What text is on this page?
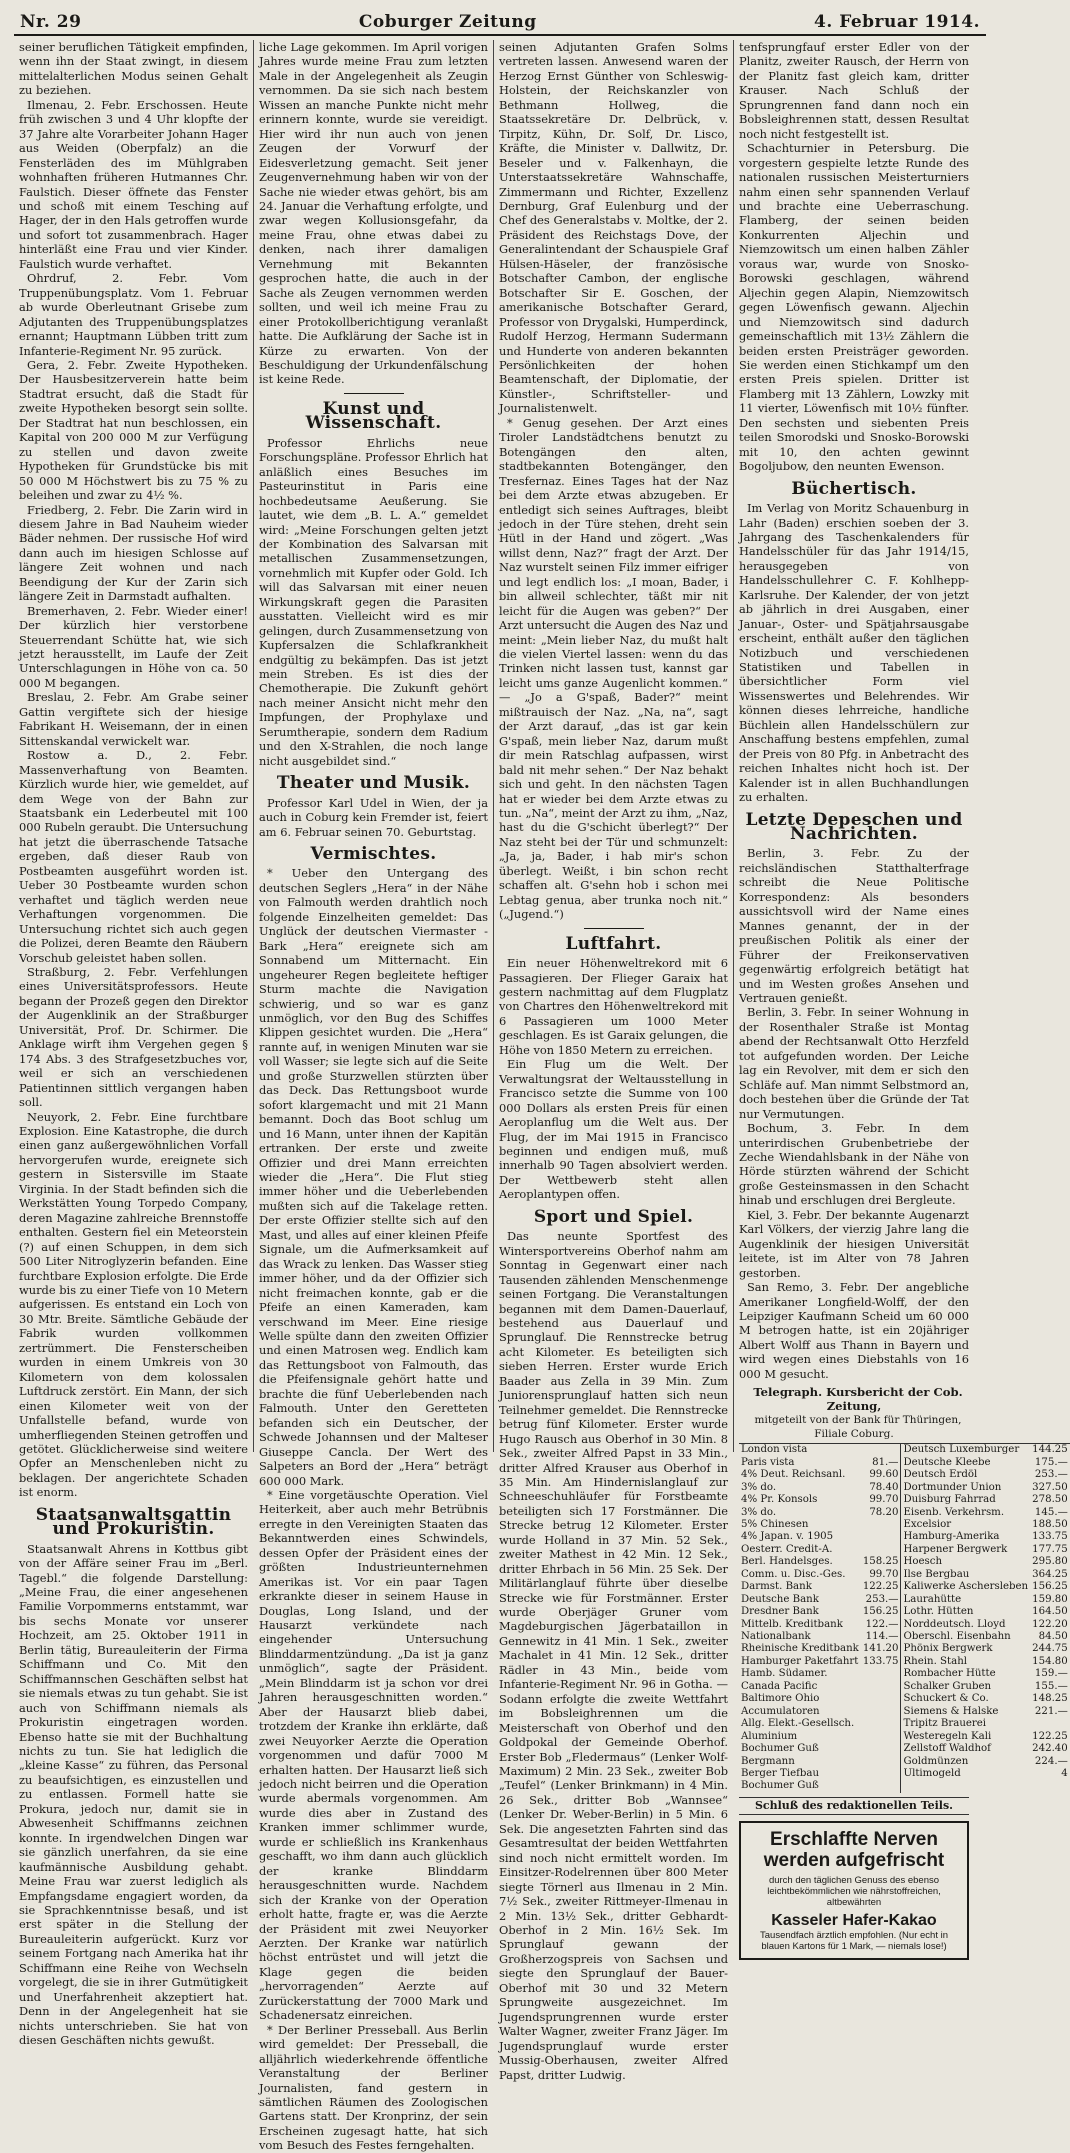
Nr. 29	Coburger Zeitung	4. Februar 1914.

seiner beruflichen Tätigkeit empfinden, wenn ihn der Staat zwingt, in diesem mittelalterlichen Modus seinen Gehalt zu beziehen.

Ilmenau, 2. Febr. Erschossen. Heute früh zwischen 3 und 4 Uhr klopfte der 37 Jahre alte Vorarbeiter Johann Hager aus Weiden (Oberpfalz) an die Fensterläden des im Mühlgraben wohnhaften früheren Hutmannes Chr. Faulstich. Dieser öffnete das Fenster und schoß mit einem Tesching auf Hager, der in den Hals getroffen wurde und sofort tot zusammenbrach. Hager hinterläßt eine Frau und vier Kinder. Faulstich wurde verhaftet.

Ohrdruf, 2. Febr. Vom Truppenübungsplatz. Vom 1. Februar ab wurde Oberleutnant Grisebe zum Adjutanten des Truppenübungsplatzes ernannt; Hauptmann Lübben tritt zum Infanterie-Regiment Nr. 95 zurück.

Gera, 2. Febr. Zweite Hypotheken. Der Hausbesitzerverein hatte beim Stadtrat ersucht, daß die Stadt für zweite Hypotheken besorgt sein sollte. Der Stadtrat hat nun beschlossen, ein Kapital von 200 000 M zur Verfügung zu stellen und davon zweite Hypotheken für Grundstücke bis mit 50 000 M Höchstwert bis zu 75 % zu beleihen und zwar zu 4½ %.

Friedberg, 2. Febr. Die Zarin wird in diesem Jahre in Bad Nauheim wieder Bäder nehmen. Der russische Hof wird dann auch im hiesigen Schlosse auf längere Zeit wohnen und nach Beendigung der Kur der Zarin sich längere Zeit in Darmstadt aufhalten.

Bremerhaven, 2. Febr. Wieder einer! Der kürzlich hier verstorbene Steuerrendant Schütte hat, wie sich jetzt herausstellt, im Laufe der Zeit Unterschlagungen in Höhe von ca. 50 000 M begangen.

Breslau, 2. Febr. Am Grabe seiner Gattin vergiftete sich der hiesige Fabrikant H. Weisemann, der in einen Sittenskandal verwickelt war.

Rostow a. D., 2. Febr. Massenverhaftung von Beamten. Kürzlich wurde hier, wie gemeldet, auf dem Wege von der Bahn zur Staatsbank ein Lederbeutel mit 100 000 Rubeln geraubt. Die Untersuchung hat jetzt die überraschende Tatsache ergeben, daß dieser Raub von Postbeamten ausgeführt worden ist. Ueber 30 Postbeamte wurden schon verhaftet und täglich werden neue Verhaftungen vorgenommen. Die Untersuchung richtet sich auch gegen die Polizei, deren Beamte den Räubern Vorschub geleistet haben sollen.

Straßburg, 2. Febr. Verfehlungen eines Universitätsprofessors. Heute begann der Prozeß gegen den Direktor der Augenklinik an der Straßburger Universität, Prof. Dr. Schirmer. Die Anklage wirft ihm Vergehen gegen § 174 Abs. 3 des Strafgesetzbuches vor, weil er sich an verschiedenen Patientinnen sittlich vergangen haben soll.

Neuyork, 2. Febr. Eine furchtbare Explosion. Eine Katastrophe, die durch einen ganz außergewöhnlichen Vorfall hervorgerufen wurde, ereignete sich gestern in Sistersville im Staate Virginia. In der Stadt befinden sich die Werkstätten Young Torpedo Company, deren Magazine zahlreiche Brennstoffe enthalten. Gestern fiel ein Meteorstein (?) auf einen Schuppen, in dem sich 500 Liter Nitroglyzerin befanden. Eine furchtbare Explosion erfolgte. Die Erde wurde bis zu einer Tiefe von 10 Metern aufgerissen. Es entstand ein Loch von 30 Mtr. Breite. Sämtliche Gebäude der Fabrik wurden vollkommen zertrümmert. Die Fensterscheiben wurden in einem Umkreis von 30 Kilometern von dem kolossalen Luftdruck zerstört. Ein Mann, der sich einen Kilometer weit von der Unfallstelle befand, wurde von umherfliegenden Steinen getroffen und getötet. Glücklicherweise sind weitere Opfer an Menschenleben nicht zu beklagen. Der angerichtete Schaden ist enorm.

Staatsanwaltsgattin und Prokuristin.

Staatsanwalt Ahrens in Kottbus gibt von der Affäre seiner Frau im „Berl. Tagebl.“ die folgende Darstellung: „Meine Frau, die einer angesehenen Familie Vorpommerns entstammt, war bis sechs Monate vor unserer Hochzeit, am 25. Oktober 1911 in Berlin tätig, Bureauleiterin der Firma Schiffmann und Co. Mit den Schiffmannschen Geschäften selbst hat sie niemals etwas zu tun gehabt. Sie ist auch von Schiffmann niemals als Prokuristin eingetragen worden. Ebenso hatte sie mit der Buchhaltung nichts zu tun. Sie hat lediglich die „kleine Kasse“ zu führen, das Personal zu beaufsichtigen, es einzustellen und zu entlassen. Formell hatte sie Prokura, jedoch nur, damit sie in Abwesenheit Schiffmanns zeichnen konnte. In irgendwelchen Dingen war sie gänzlich unerfahren, da sie eine kaufmännische Ausbildung gehabt. Meine Frau war zuerst lediglich als Empfangsdame engagiert worden, da sie Sprachkenntnisse besaß, und ist erst später in die Stellung der Bureauleiterin aufgerückt. Kurz vor seinem Fortgang nach Amerika hat ihr Schiffmann eine Reihe von Wechseln vorgelegt, die sie in ihrer Gutmütigkeit und Unerfahrenheit akzeptiert hat. Denn in der Angelegenheit hat sie nichts unterschrieben. Sie hat von diesen Geschäften nichts gewußt.

liche Lage gekommen. Im April vorigen Jahres wurde meine Frau zum letzten Male in der Angelegenheit als Zeugin vernommen. Da sie sich nach bestem Wissen an manche Punkte nicht mehr erinnern konnte, wurde sie vereidigt. Hier wird ihr nun auch von jenen Zeugen der Vorwurf der Eidesverletzung gemacht. Seit jener Zeugenvernehmung haben wir von der Sache nie wieder etwas gehört, bis am 24. Januar die Verhaftung erfolgte, und zwar wegen Kollusionsgefahr, da meine Frau, ohne etwas dabei zu denken, nach ihrer damaligen Vernehmung mit Bekannten gesprochen hatte, die auch in der Sache als Zeugen vernommen werden sollten, und weil ich meine Frau zu einer Protokollberichtigung veranlaßt hatte. Die Aufklärung der Sache ist in Kürze zu erwarten. Von der Beschuldigung der Urkundenfälschung ist keine Rede.

Kunst und Wissenschaft.

Professor Ehrlichs neue Forschungspläne. Professor Ehrlich hat anläßlich eines Besuches im Pasteurinstitut in Paris eine hochbedeutsame Aeußerung. Sie lautet, wie dem „B. L. A.“ gemeldet wird: „Meine Forschungen gelten jetzt der Kombination des Salvarsan mit metallischen Zusammensetzungen, vornehmlich mit Kupfer oder Gold. Ich will das Salvarsan mit einer neuen Wirkungskraft gegen die Parasiten ausstatten. Vielleicht wird es mir gelingen, durch Zusammensetzung von Kupfersalzen die Schlafkrankheit endgültig zu bekämpfen. Das ist jetzt mein Streben. Es ist dies der Chemotherapie. Die Zukunft gehört nach meiner Ansicht nicht mehr den Impfungen, der Prophylaxe und Serumtherapie, sondern dem Radium und den X-Strahlen, die noch lange nicht ausgebildet sind.“

Theater und Musik.

Professor Karl Udel in Wien, der ja auch in Coburg kein Fremder ist, feiert am 6. Februar seinen 70. Geburtstag.

Vermischtes.

* Ueber den Untergang des deutschen Seglers „Hera“ in der Nähe von Falmouth werden drahtlich noch folgende Einzelheiten gemeldet: Das Unglück der deutschen Viermaster - Bark „Hera“ ereignete sich am Sonnabend um Mitternacht. Ein ungeheurer Regen begleitete heftiger Sturm machte die Navigation schwierig, und so war es ganz unmöglich, vor den Bug des Schiffes Klippen gesichtet wurden. Die „Hera“ rannte auf, in wenigen Minuten war sie voll Wasser; sie legte sich auf die Seite und große Sturzwellen stürzten über das Deck. Das Rettungsboot wurde sofort klargemacht und mit 21 Mann bemannt. Doch das Boot schlug um und 16 Mann, unter ihnen der Kapitän ertranken. Der erste und zweite Offizier und drei Mann erreichten wieder die „Hera“. Die Flut stieg immer höher und die Ueberlebenden mußten sich auf die Takelage retten. Der erste Offizier stellte sich auf den Mast, und alles auf einer kleinen Pfeife Signale, um die Aufmerksamkeit auf das Wrack zu lenken. Das Wasser stieg immer höher, und da der Offizier sich nicht freimachen konnte, gab er die Pfeife an einen Kameraden, kam verschwand im Meer. Eine riesige Welle spülte dann den zweiten Offizier und einen Matrosen weg. Endlich kam das Rettungsboot von Falmouth, das die Pfeifensignale gehört hatte und brachte die fünf Ueberlebenden nach Falmouth. Unter den Geretteten befanden sich ein Deutscher, der Schwede Johannsen und der Malteser Giuseppe Cancla. Der Wert des Salpeters an Bord der „Hera“ beträgt 600 000 Mark.

* Eine vorgetäuschte Operation. Viel Heiterkeit, aber auch mehr Betrübnis erregte in den Vereinigten Staaten das Bekanntwerden eines Schwindels, dessen Opfer der Präsident eines der größten Industrieunternehmen Amerikas ist. Vor ein paar Tagen erkrankte dieser in seinem Hause in Douglas, Long Island, und der Hausarzt verkündete nach eingehender Untersuchung Blinddarmentzündung. „Da ist ja ganz unmöglich“, sagte der Präsident. „Mein Blinddarm ist ja schon vor drei Jahren herausgeschnitten worden.“ Aber der Hausarzt blieb dabei, trotzdem der Kranke ihn erklärte, daß zwei Neuyorker Aerzte die Operation vorgenommen und dafür 7000 M erhalten hatten. Der Hausarzt ließ sich jedoch nicht beirren und die Operation wurde abermals vorgenommen. Am wurde dies aber in Zustand des Kranken immer schlimmer wurde, wurde er schließlich ins Krankenhaus geschafft, wo ihm dann auch glücklich der kranke Blinddarm herausgeschnitten wurde. Nachdem sich der Kranke von der Operation erholt hatte, fragte er, was die Aerzte der Präsident mit zwei Neuyorker Aerzten. Der Kranke war natürlich höchst entrüstet und will jetzt die Klage gegen die beiden „hervorragenden“ Aerzte auf Zurückerstattung der 7000 Mark und Schadenersatz einreichen.

* Der Berliner Presseball. Aus Berlin wird gemeldet: Der Presseball, die alljährlich wiederkehrende öffentliche Veranstaltung der Berliner Journalisten, fand gestern in sämtlichen Räumen des Zoologischen Gartens statt. Der Kronprinz, der sein Erscheinen zugesagt hatte, hat sich vom Besuch des Festes ferngehalten.

seinen Adjutanten Grafen Solms vertreten lassen. Anwesend waren der Herzog Ernst Günther von Schleswig-Holstein, der Reichskanzler von Bethmann Hollweg, die Staatssekretäre Dr. Delbrück, v. Tirpitz, Kühn, Dr. Solf, Dr. Lisco, Kräfte, die Minister v. Dallwitz, Dr. Beseler und v. Falkenhayn, die Unterstaatssekretäre Wahnschaffe, Zimmermann und Richter, Exzellenz Dernburg, Graf Eulenburg und der Chef des Generalstabs v. Moltke, der 2. Präsident des Reichstags Dove, der Generalintendant der Schauspiele Graf Hülsen-Häseler, der französische Botschafter Cambon, der englische Botschafter Sir E. Goschen, der amerikanische Botschafter Gerard, Professor von Drygalski, Humperdinck, Rudolf Herzog, Hermann Sudermann und Hunderte von anderen bekannten Persönlichkeiten der hohen Beamtenschaft, der Diplomatie, der Künstler-, Schriftsteller- und Journalistenwelt.

* Genug gesehen. Der Arzt eines Tiroler Landstädtchens benutzt zu Botengängen den alten, stadtbekannten Botengänger, den Tresfernaz. Eines Tages hat der Naz bei dem Arzte etwas abzugeben. Er entledigt sich seines Auftrages, bleibt jedoch in der Türe stehen, dreht sein Hütl in der Hand und zögert. „Was willst denn, Naz?“ fragt der Arzt. Der Naz wurstelt seinen Filz immer eifriger und legt endlich los: „I moan, Bader, i bin allweil schlechter, täßt mir nit leicht für die Augen was geben?“ Der Arzt untersucht die Augen des Naz und meint: „Mein lieber Naz, du mußt halt die vielen Viertel lassen: wenn du das Trinken nicht lassen tust, kannst gar leicht ums ganze Augenlicht kommen.“ — „Jo a G'spaß, Bader?“ meint mißtrauisch der Naz. „Na, na“, sagt der Arzt darauf, „das ist gar kein G'spaß, mein lieber Naz, darum mußt dir mein Ratschlag aufpassen, wirst bald nit mehr sehen.“ Der Naz behakt sich und geht. In den nächsten Tagen hat er wieder bei dem Arzte etwas zu tun. „Na“, meint der Arzt zu ihm, „Naz, hast du die G'schicht überlegt?“ Der Naz steht bei der Tür und schmunzelt: „Ja, ja, Bader, i hab mir's schon überlegt. Weißt, i bin schon recht schaffen alt. G'sehn hob i schon mei Lebtag genua, aber trunka noch nit.“ („Jugend.“)

Luftfahrt.

Ein neuer Höhenweltrekord mit 6 Passagieren. Der Flieger Garaix hat gestern nachmittag auf dem Flugplatz von Chartres den Höhenweltrekord mit 6 Passagieren um 1000 Meter geschlagen. Es ist Garaix gelungen, die Höhe von 1850 Metern zu erreichen.

Ein Flug um die Welt. Der Verwaltungsrat der Weltausstellung in Francisco setzte die Summe von 100 000 Dollars als ersten Preis für einen Aeroplanflug um die Welt aus. Der Flug, der im Mai 1915 in Francisco beginnen und endigen muß, muß innerhalb 90 Tagen absolviert werden. Der Wettbewerb steht allen Aeroplantypen offen.

Sport und Spiel.

Das neunte Sportfest des Wintersportvereins Oberhof nahm am Sonntag in Gegenwart einer nach Tausenden zählenden Menschenmenge seinen Fortgang. Die Veranstaltungen begannen mit dem Damen-Dauerlauf, bestehend aus Dauerlauf und Sprunglauf. Die Rennstrecke betrug acht Kilometer. Es beteiligten sich sieben Herren. Erster wurde Erich Baader aus Zella in 39 Min. Zum Juniorensprunglauf hatten sich neun Teilnehmer gemeldet. Die Rennstrecke betrug fünf Kilometer. Erster wurde Hugo Rausch aus Oberhof in 30 Min. 8 Sek., zweiter Alfred Papst in 33 Min., dritter Alfred Krauser aus Oberhof in 35 Min. Am Hindernislanglauf zur Schneeschuhläufer für Forstbeamte beteiligten sich 17 Forstmänner. Die Strecke betrug 12 Kilometer. Erster wurde Holland in 37 Min. 52 Sek., zweiter Mathest in 42 Min. 12 Sek., dritter Ehrbach in 56 Min. 25 Sek. Der Militärlanglauf führte über dieselbe Strecke wie für Forstmänner. Erster wurde Oberjäger Gruner vom Magdeburgischen Jägerbataillon in Gennewitz in 41 Min. 1 Sek., zweiter Machalet in 41 Min. 12 Sek., dritter Rädler in 43 Min., beide vom Infanterie-Regiment Nr. 96 in Gotha. — Sodann erfolgte die zweite Wettfahrt im Bobsleighrennen um die Meisterschaft von Oberhof und den Goldpokal der Gemeinde Oberhof. Erster Bob „Fledermaus“ (Lenker Wolf-Maximum) 2 Min. 23 Sek., zweiter Bob „Teufel“ (Lenker Brinkmann) in 4 Min. 26 Sek., dritter Bob „Wannsee“ (Lenker Dr. Weber-Berlin) in 5 Min. 6 Sek. Die angesetzten Fahrten sind das Gesamtresultat der beiden Wettfahrten sind noch nicht ermittelt worden. Im Einsitzer-Rodelrennen über 800 Meter siegte Törnerl aus Ilmenau in 2 Min. 7½ Sek., zweiter Rittmeyer-Ilmenau in 2 Min. 13½ Sek., dritter Gebhardt-Oberhof in 2 Min. 16½ Sek. Im Sprunglauf gewann der Großherzogspreis von Sachsen und siegte den Sprunglauf der Bauer-Oberhof mit 30 und 32 Metern Sprungweite ausgezeichnet. Im Jugendsprungrennen wurde erster Walter Wagner, zweiter Franz Jäger. Im Jugendsprunglauf wurde erster Mussig-Oberhausen, zweiter Alfred Papst, dritter Ludwig.

tenfsprungfauf erster Edler von der Planitz, zweiter Rausch, der Herrn von der Planitz fast gleich kam, dritter Krauser. Nach Schluß der Sprungrennen fand dann noch ein Bobsleighrennen statt, dessen Resultat noch nicht festgestellt ist.

Schachturnier in Petersburg. Die vorgestern gespielte letzte Runde des nationalen russischen Meisterturniers nahm einen sehr spannenden Verlauf und brachte eine Ueberraschung. Flamberg, der seinen beiden Konkurrenten Aljechin und Niemzowitsch um einen halben Zähler voraus war, wurde von Snosko-Borowski geschlagen, während Aljechin gegen Alapin, Niemzowitsch gegen Löwenfisch gewann. Aljechin und Niemzowitsch sind dadurch gemeinschaftlich mit 13½ Zählern die beiden ersten Preisträger geworden. Sie werden einen Stichkampf um den ersten Preis spielen. Dritter ist Flamberg mit 13 Zählern, Lowzky mit 11 vierter, Löwenfisch mit 10½ fünfter. Den sechsten und siebenten Preis teilen Smorodski und Snosko-Borowski mit 10, den achten gewinnt Bogoljubow, den neunten Ewenson.

Büchertisch.

Im Verlag von Moritz Schauenburg in Lahr (Baden) erschien soeben der 3. Jahrgang des Taschenkalenders für Handelsschüler für das Jahr 1914/15, herausgegeben von Handelsschullehrer C. F. Kohlhepp-Karlsruhe. Der Kalender, der von jetzt ab jährlich in drei Ausgaben, einer Januar-, Oster- und Spätjahrsausgabe erscheint, enthält außer den täglichen Notizbuch und verschiedenen Statistiken und Tabellen in übersichtlicher Form viel Wissenswertes und Belehrendes. Wir können dieses lehrreiche, handliche Büchlein allen Handelsschülern zur Anschaffung bestens empfehlen, zumal der Preis von 80 Pfg. in Anbetracht des reichen Inhaltes nicht hoch ist. Der Kalender ist in allen Buchhandlungen zu erhalten.

Letzte Depeschen und Nachrichten.

Berlin, 3. Febr. Zu der reichsländischen Statthalterfrage schreibt die Neue Politische Korrespondenz: Als besonders aussichtsvoll wird der Name eines Mannes genannt, der in der preußischen Politik als einer der Führer der Freikonservativen gegenwärtig erfolgreich betätigt hat und im Westen großes Ansehen und Vertrauen genießt.

Berlin, 3. Febr. In seiner Wohnung in der Rosenthaler Straße ist Montag abend der Rechtsanwalt Otto Herzfeld tot aufgefunden worden. Der Leiche lag ein Revolver, mit dem er sich den Schläfe auf. Man nimmt Selbstmord an, doch bestehen über die Gründe der Tat nur Vermutungen.

Bochum, 3. Febr. In dem unterirdischen Grubenbetriebe der Zeche Wiendahlsbank in der Nähe von Hörde stürzten während der Schicht große Gesteinsmassen in den Schacht hinab und erschlugen drei Bergleute.

Kiel, 3. Febr. Der bekannte Augenarzt Karl Völkers, der vierzig Jahre lang die Augenklinik der hiesigen Universität leitete, ist im Alter von 78 Jahren gestorben.

San Remo, 3. Febr. Der angebliche Amerikaner Longfield-Wolff, der den Leipziger Kaufmann Scheid um 60 000 M betrogen hatte, ist ein 20jähriger Albert Wolff aus Thann in Bayern und wird wegen eines Diebstahls von 16 000 M gesucht.

Telegraph. Kursbericht der Cob. Zeitung,

mitgeteilt von der Bank für Thüringen, Filiale Coburg.

London vista		Deutsch Luxemburger	144.25
Paris vista	81.—	Deutsche Kleebe	175.—
4% Deut. Reichsanl.	99.60	Deutsch Erdöl	253.—
3% do.	78.40	Dortmunder Union	327.50
4% Pr. Konsols	99.70	Duisburg Fahrrad	278.50
3% do.	78.20	Eisenb. Verkehrsm.	145.—
5% Chinesen		Excelsior	188.50
4% Japan. v. 1905		Hamburg-Amerika	133.75
Oesterr. Credit-A.		Harpener Bergwerk	177.75
Berl. Handelsges.	158.25	Hoesch	295.80
Comm. u. Disc.-Ges.	99.70	Ilse Bergbau	364.25
Darmst. Bank	122.25	Kaliwerke Aschersleben	156.25
Deutsche Bank	253.—	Laurahütte	159.80
Dresdner Bank	156.25	Lothr. Hütten	164.50
Mittelb. Kreditbank	122.—	Norddeutsch. Lloyd	122.20
Nationalbank	114.—	Oberschl. Eisenbahn	84.50
Rheinische Kreditbank	141.20	Phönix Bergwerk	244.75
Hamburger Paketfahrt	133.75	Rhein. Stahl	154.80
Hamb. Südamer.		Rombacher Hütte	159.—
Canada Pacific		Schalker Gruben	155.—
Baltimore Ohio		Schuckert & Co.	148.25
Accumulatoren		Siemens & Halske	221.—
Allg. Elekt.-Gesellsch.		Tripitz Brauerei	
Aluminium		Westeregeln Kali	122.25
Bochumer Guß		Zellstoff Waldhof	242.40
Bergmann		Goldmünzen	224.—
Berger Tiefbau		Ultimogeld	4
Bochumer Guß			
Schluß des redaktionellen Teils.
Erschlaffte Nerven werden aufgefrischt
durch den täglichen Genuss des ebenso leichtbekömmlichen wie nährstoffreichen, altbewährten
Kasseler Hafer-Kakao
Tausendfach ärztlich empfohlen. (Nur echt in blauen Kartons für 1 Mark, — niemals lose!)
